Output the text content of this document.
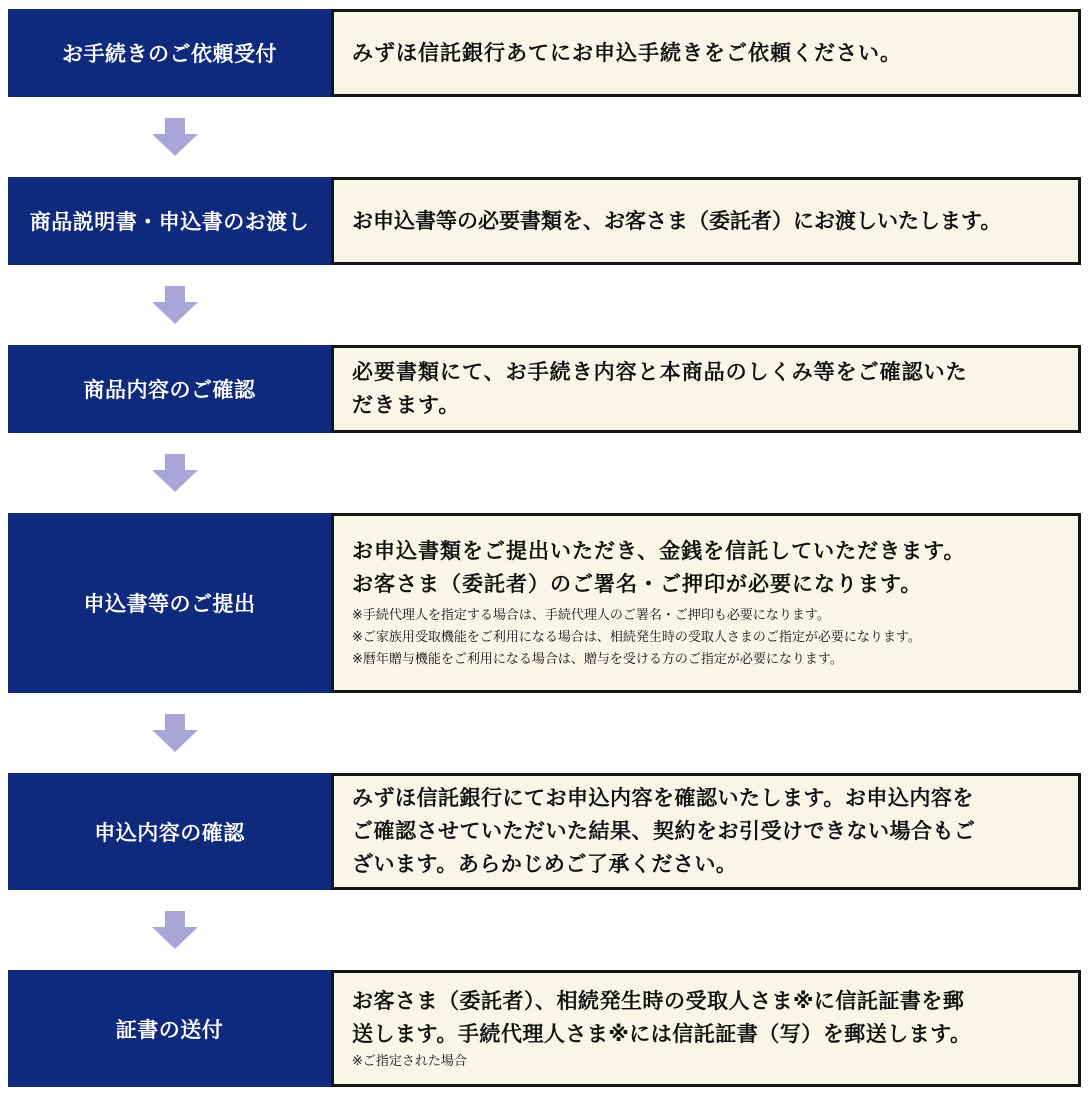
お手続きのご依頼受付	みずほ信託銀行あてにお申込手続きをご依頼ください。
商品説明書・申込書のお渡し	お申込書等の必要書類を、お客さま（委託者）にお渡しいたします。
商品内容のご確認
必要書類にて、お手続き内容と本商品のしくみ等をご確認いた
だきます。
申込書等のご提出
お申込書類をご提出いただき、金銭を信託していただきます。
お客さま（委託者）のご署名・ご押印が必要になります。
※手続代理人を指定する場合は、手続代理人のご署名・ご押印も必要になります。
※ご家族用受取機能をご利用になる場合は、相続発生時の受取人さまのご指定が必要になります。
※暦年贈与機能をご利用になる場合は、贈与を受ける方のご指定が必要になります。
申込内容の確認
みずほ信託銀行にてお申込内容を確認いたします。お申込内容を
ご確認させていただいた結果、契約をお引受けできない場合もご
ざいます。あらかじめご了承ください。
証書の送付
お客さま（委託者）、相続発生時の受取人さま※に信託証書を郵
送します。手続代理人さま※には信託証書（写）を郵送します。
※ご指定された場合
